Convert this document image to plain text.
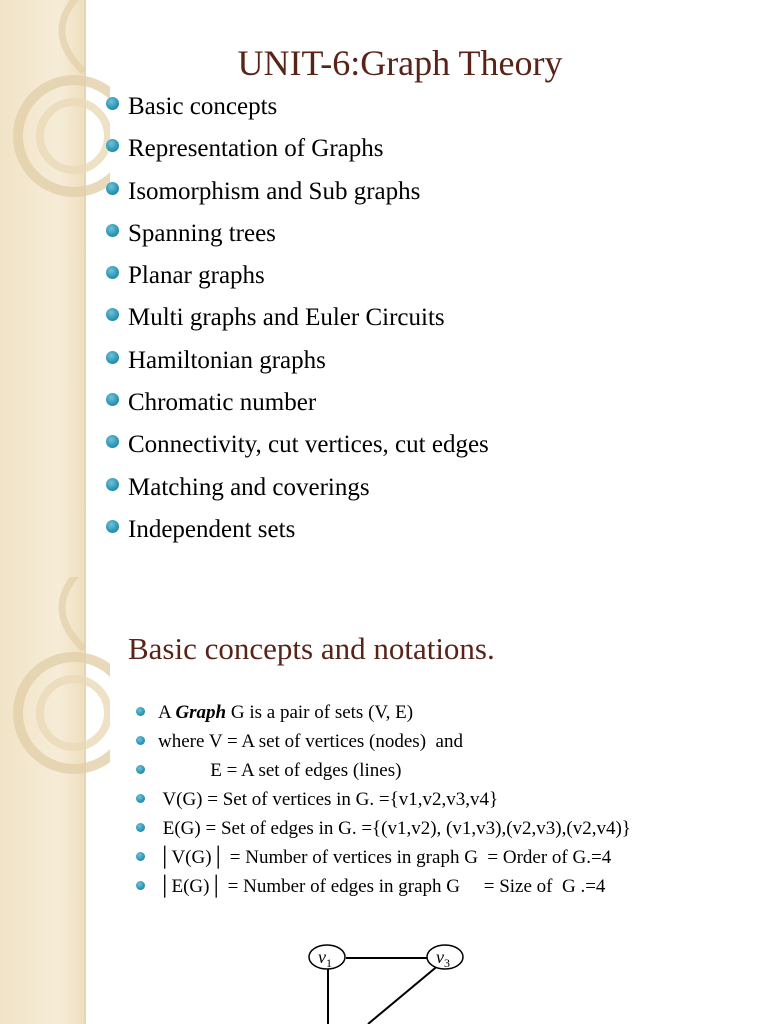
UNIT-6:Graph Theory
Basic concepts
Representation of Graphs
Isomorphism and Sub graphs
Spanning trees
Planar graphs
Multi graphs and Euler Circuits
Hamiltonian graphs
Chromatic number
Connectivity, cut vertices, cut edges
Matching and coverings
Independent sets
Basic concepts and notations.
A Graph G is a pair of sets (V, E)
where V = A set of vertices (nodes)  and
E = A set of edges (lines)
V(G) = Set of vertices in G. ={v1,v2,v3,v4}
E(G) = Set of edges in G. ={(v1,v2), (v1,v3),(v2,v3),(v2,v4)}
│V(G)│ = Number of vertices in graph G  = Order of G.=4
│E(G)│ = Number of edges in graph G     = Size of  G .=4
$v_1$	$v_3$
